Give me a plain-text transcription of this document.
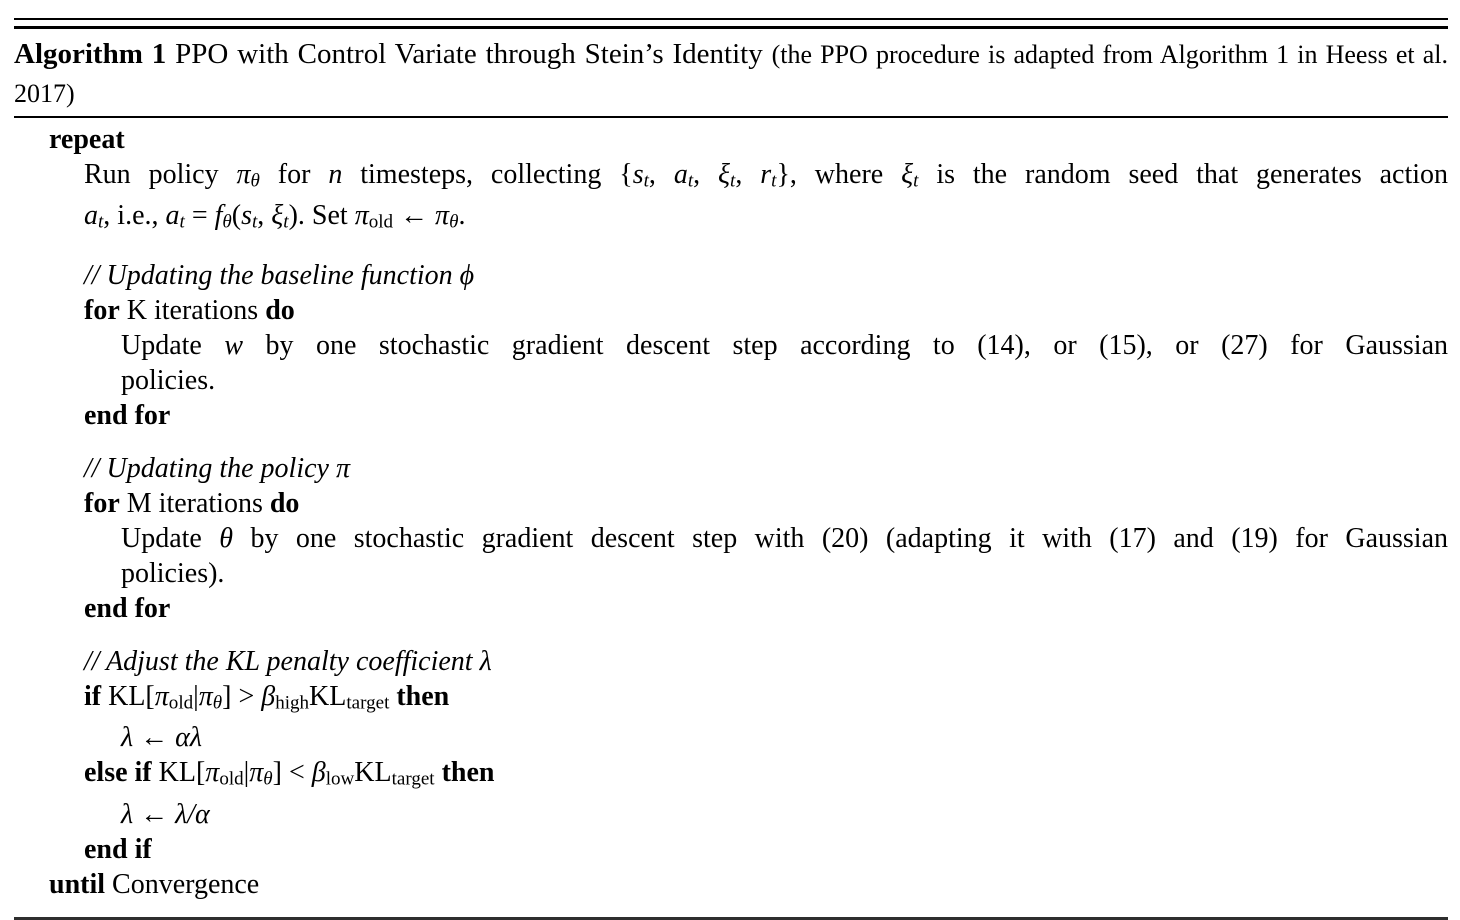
Algorithm 1 PPO with Control Variate through Stein’s Identity (the PPO procedure is adapted from Algorithm 1 in Heess et al. 2017)
repeat
Run policy πθ for n timesteps, collecting {st, at, ξt, rt}, where ξt is the random seed that generates action
at, i.e., at = fθ(st, ξt). Set πold ← πθ.
// Updating the baseline function ϕ
for K iterations do
Update w by one stochastic gradient descent step according to (14), or (15), or (27) for Gaussian
policies.
end for
// Updating the policy π
for M iterations do
Update θ by one stochastic gradient descent step with (20) (adapting it with (17) and (19) for Gaussian
policies).
end for
// Adjust the KL penalty coefficient λ
if KL[πold|πθ] > βhighKLtarget then
λ ← αλ
else if KL[πold|πθ] < βlowKLtarget then
λ ← λ/α
end if
until Convergence
